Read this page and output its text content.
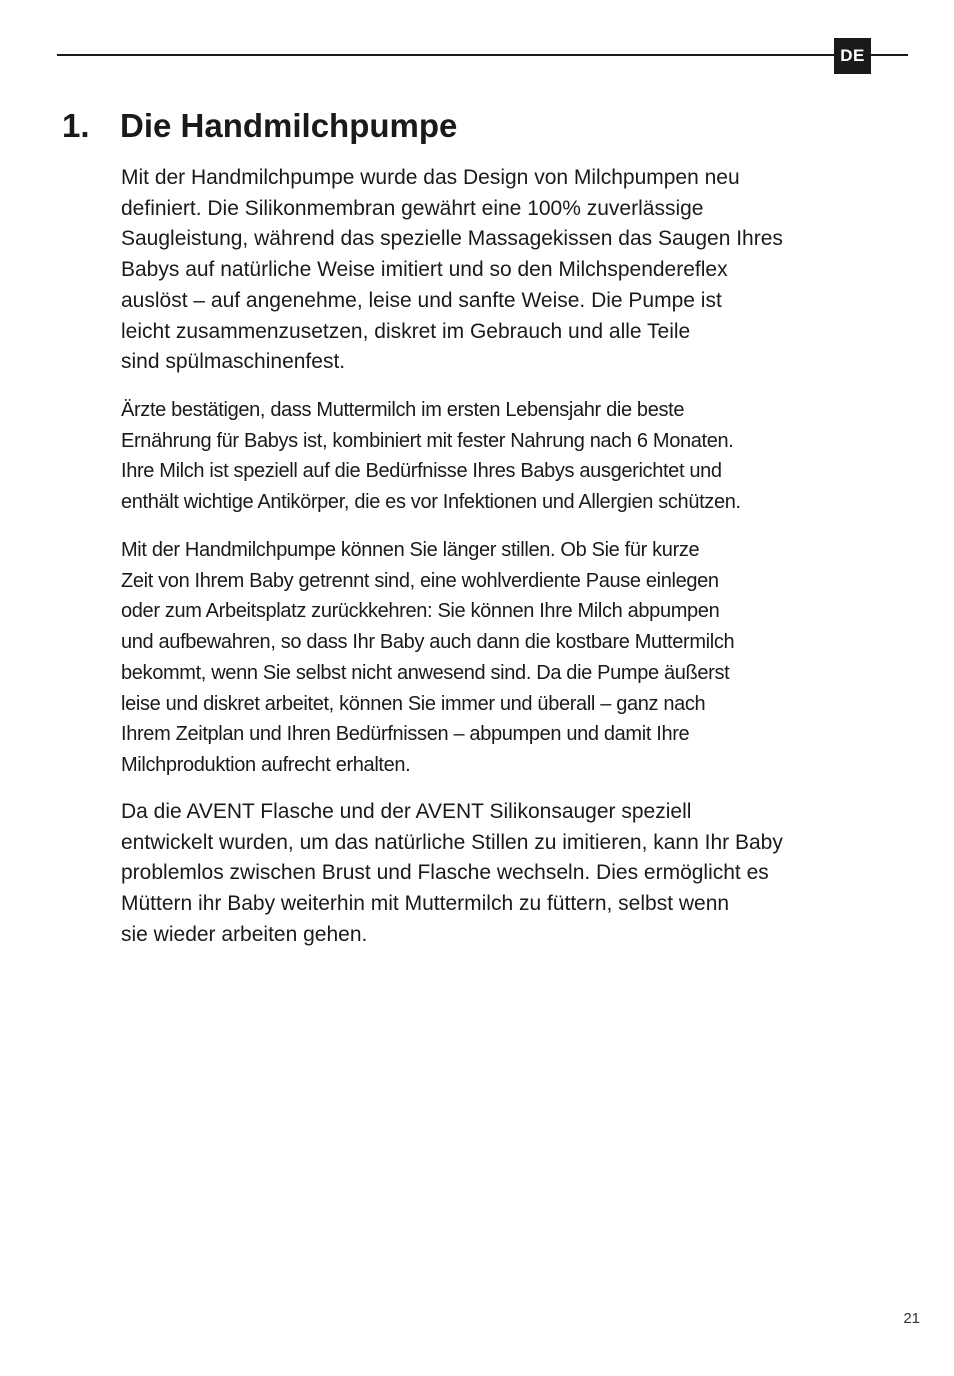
DE
1. Die Handmilchpumpe
Mit der Handmilchpumpe wurde das Design von Milchpumpen neu
definiert. Die Silikonmembran gewährt eine 100% zuverlässige
Saugleistung, während das spezielle Massagekissen das Saugen Ihres
Babys auf natürliche Weise imitiert und so den Milchspendereflex
auslöst – auf angenehme, leise und sanfte Weise. Die Pumpe ist
leicht zusammenzusetzen, diskret im Gebrauch und alle Teile
sind spülmaschinenfest.
Ärzte bestätigen, dass Muttermilch im ersten Lebensjahr die beste
Ernährung für Babys ist, kombiniert mit fester Nahrung nach 6 Monaten.
Ihre Milch ist speziell auf die Bedürfnisse Ihres Babys ausgerichtet und
enthält wichtige Antikörper, die es vor Infektionen und Allergien schützen.
Mit der Handmilchpumpe können Sie länger stillen. Ob Sie für kurze
Zeit von Ihrem Baby getrennt sind, eine wohlverdiente Pause einlegen
oder zum Arbeitsplatz zurückkehren: Sie können Ihre Milch abpumpen
und aufbewahren, so dass Ihr Baby auch dann die kostbare Muttermilch
bekommt, wenn Sie selbst nicht anwesend sind. Da die Pumpe äußerst
leise und diskret arbeitet, können Sie immer und überall – ganz nach
Ihrem Zeitplan und Ihren Bedürfnissen – abpumpen und damit Ihre
Milchproduktion aufrecht erhalten.
Da die AVENT Flasche und der AVENT Silikonsauger speziell
entwickelt wurden, um das natürliche Stillen zu imitieren, kann Ihr Baby
problemlos zwischen Brust und Flasche wechseln. Dies ermöglicht es
Müttern ihr Baby weiterhin mit Muttermilch zu füttern, selbst wenn
sie wieder arbeiten gehen.
21
